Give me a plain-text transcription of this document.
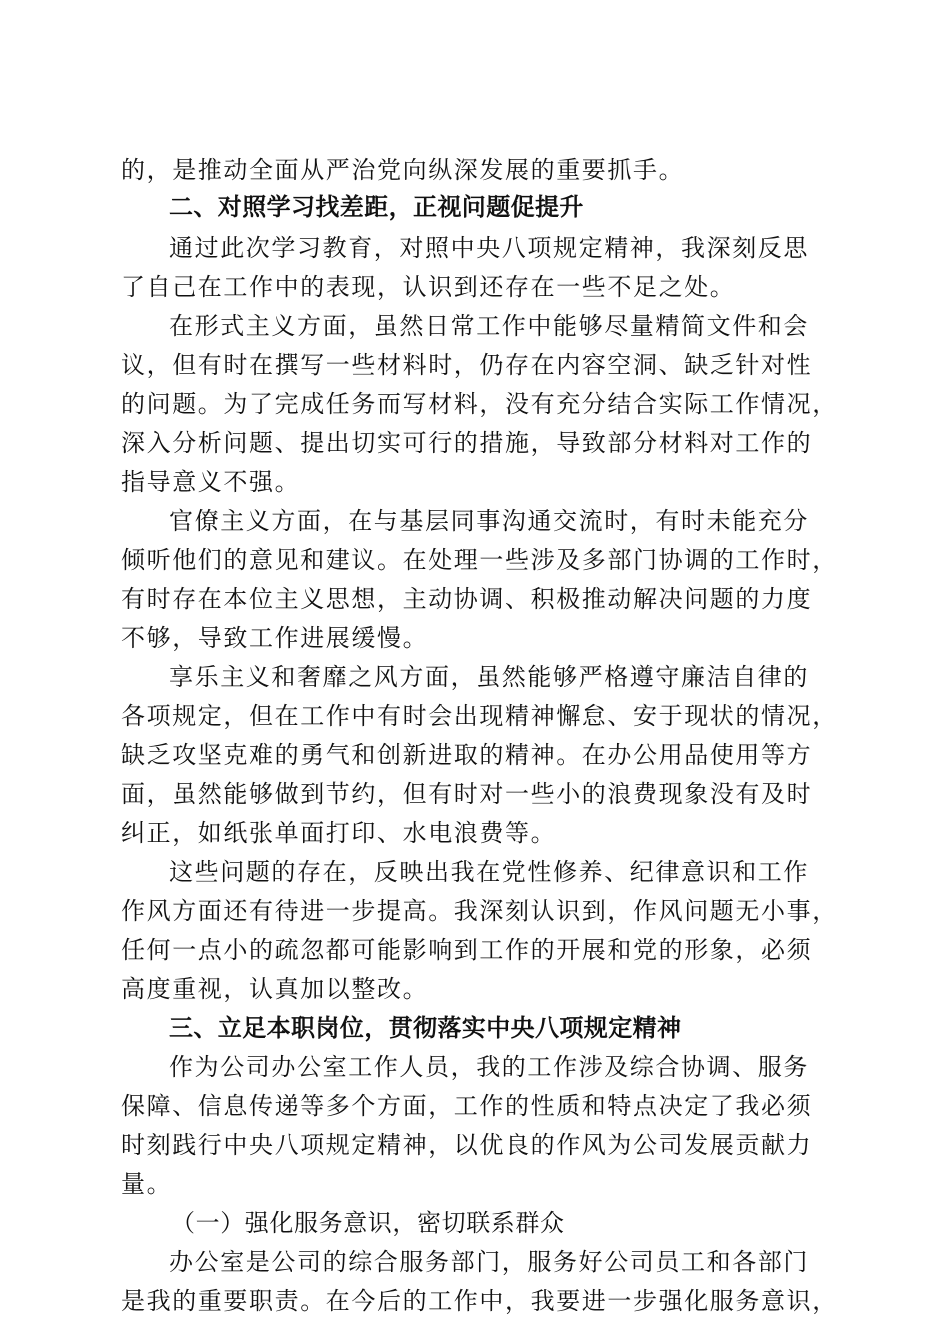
的，是推动全面从严治党向纵深发展的重要抓手。
二、对照学习找差距，正视问题促提升
通过此次学习教育，对照中央八项规定精神，我深刻反思
了自己在工作中的表现，认识到还存在一些不足之处。
在形式主义方面，虽然日常工作中能够尽量精简文件和会
议，但有时在撰写一些材料时，仍存在内容空洞、缺乏针对性
的问题。为了完成任务而写材料，没有充分结合实际工作情况，
深入分析问题、提出切实可行的措施，导致部分材料对工作的
指导意义不强。
官僚主义方面，在与基层同事沟通交流时，有时未能充分
倾听他们的意见和建议。在处理一些涉及多部门协调的工作时，
有时存在本位主义思想，主动协调、积极推动解决问题的力度
不够，导致工作进展缓慢。
享乐主义和奢靡之风方面，虽然能够严格遵守廉洁自律的
各项规定，但在工作中有时会出现精神懈怠、安于现状的情况，
缺乏攻坚克难的勇气和创新进取的精神。在办公用品使用等方
面，虽然能够做到节约，但有时对一些小的浪费现象没有及时
纠正，如纸张单面打印、水电浪费等。
这些问题的存在，反映出我在党性修养、纪律意识和工作
作风方面还有待进一步提高。我深刻认识到，作风问题无小事，
任何一点小的疏忽都可能影响到工作的开展和党的形象，必须
高度重视，认真加以整改。
三、立足本职岗位，贯彻落实中央八项规定精神
作为公司办公室工作人员，我的工作涉及综合协调、服务
保障、信息传递等多个方面，工作的性质和特点决定了我必须
时刻践行中央八项规定精神，以优良的作风为公司发展贡献力
量。
（一）强化服务意识，密切联系群众
办公室是公司的综合服务部门，服务好公司员工和各部门
是我的重要职责。在今后的工作中，我要进一步强化服务意识，
